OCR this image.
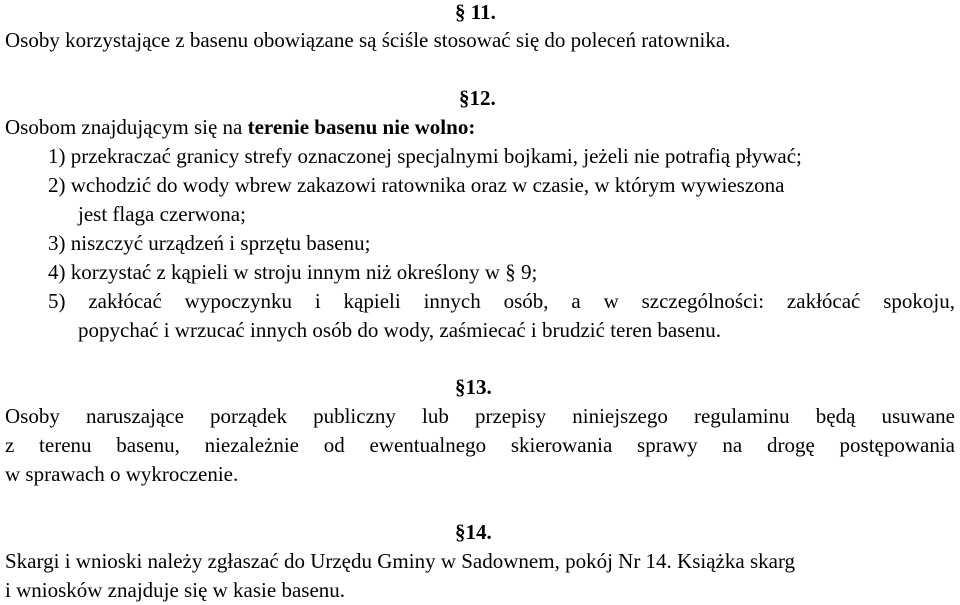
§ 11.
Osoby korzystające z basenu obowiązane są ściśle stosować się do poleceń ratownika.
§12.
Osobom znajdującym się na terenie basenu nie wolno:
1) przekraczać granicy strefy oznaczonej specjalnymi bojkami, jeżeli nie potrafią pływać;
2) wchodzić do wody wbrew zakazowi ratownika oraz w czasie, w którym wywieszona
jest flaga czerwona;
3) niszczyć urządzeń i sprzętu basenu;
4) korzystać z kąpieli w stroju innym niż określony w § 9;
5) zakłócać wypoczynku i kąpieli innych osób, a w szczególności: zakłócać spokoju,
popychać i wrzucać innych osób do wody, zaśmiecać i brudzić teren basenu.
§13.
Osoby naruszające porządek publiczny lub przepisy niniejszego regulaminu będą usuwane
z terenu basenu, niezależnie od ewentualnego skierowania sprawy na drogę postępowania
w sprawach o wykroczenie.
§14.
Skargi i wnioski należy zgłaszać do Urzędu Gminy w Sadownem, pokój Nr 14. Książka skarg
i wniosków znajduje się w kasie basenu.
